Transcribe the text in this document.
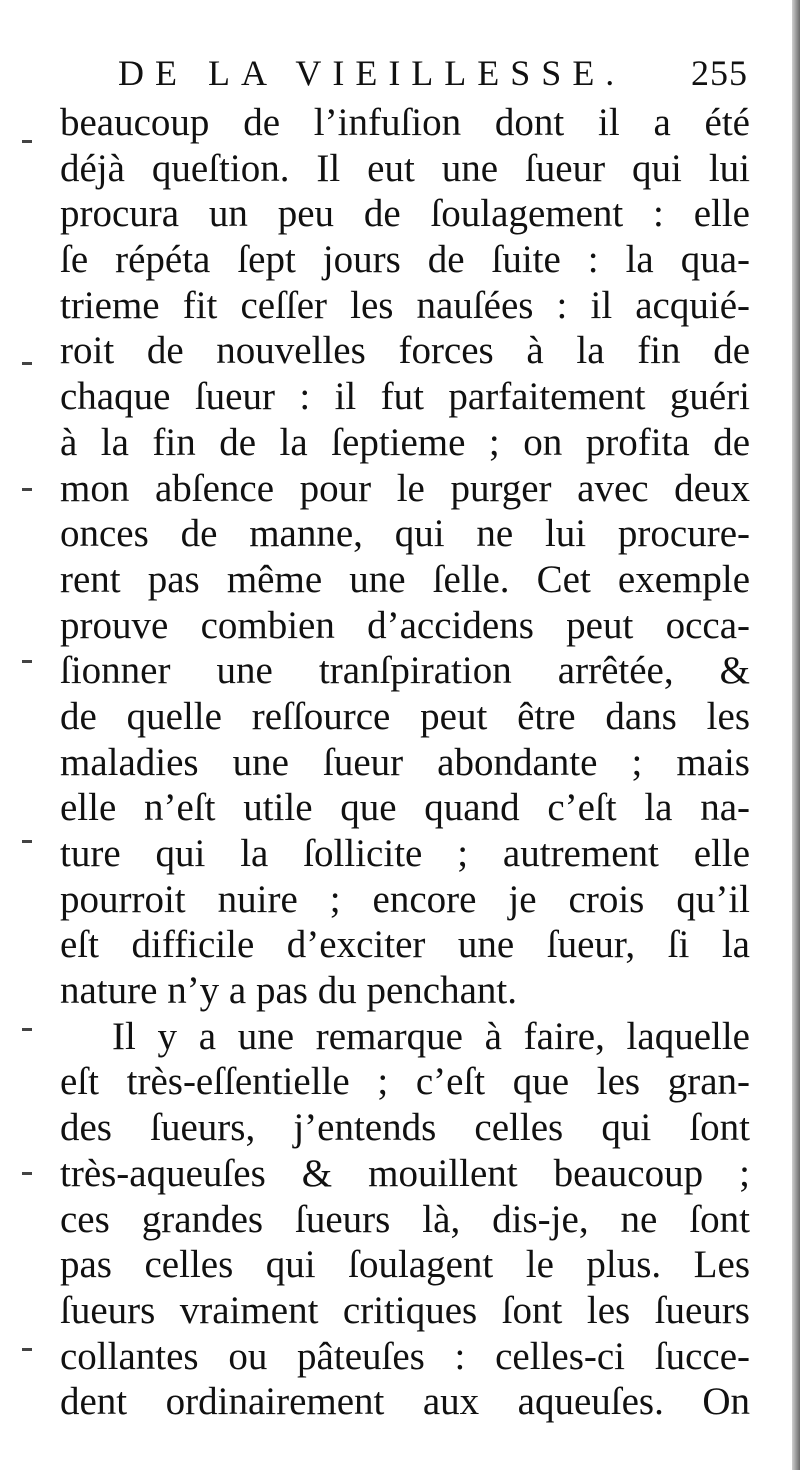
DE LA VIEILLESSE. 255
beaucoup de l’infuſion dont il a été
déjà queſtion. Il eut une ſueur qui lui
procura un peu de ſoulagement : elle
ſe répéta ſept jours de ſuite : la qua-
trieme fit ceſſer les nauſées : il acquié-
roit de nouvelles forces à la fin de
chaque ſueur : il fut parfaitement guéri
à la fin de la ſeptieme ; on profita de
mon abſence pour le purger avec deux
onces de manne, qui ne lui procure-
rent pas même une ſelle. Cet exemple
prouve combien d’accidens peut occa-
ſionner une tranſpiration arrêtée, &
de quelle reſſource peut être dans les
maladies une ſueur abondante ; mais
elle n’eſt utile que quand c’eſt la na-
ture qui la ſollicite ; autrement elle
pourroit nuire ; encore je crois qu’il
eſt difficile d’exciter une ſueur, ſi la
nature n’y a pas du penchant.
Il y a une remarque à faire, laquelle
eſt très-eſſentielle ; c’eſt que les gran-
des ſueurs, j’entends celles qui ſont
très-aqueuſes & mouillent beaucoup ;
ces grandes ſueurs là, dis-je, ne ſont
pas celles qui ſoulagent le plus. Les
ſueurs vraiment critiques ſont les ſueurs
collantes ou pâteuſes : celles-ci ſucce-
dent ordinairement aux aqueuſes. On
